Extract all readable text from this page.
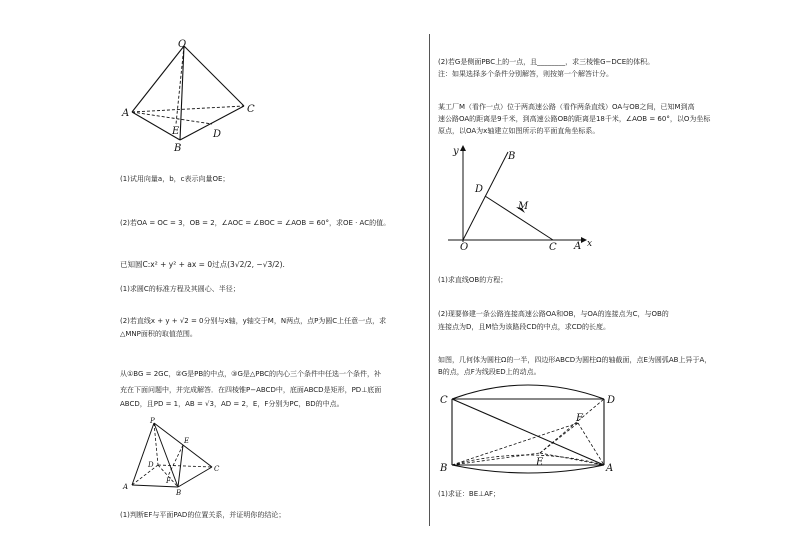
O
A	C
E	D
B
(1)试用向量a，b，c表示向量OE；
(2)若OA = OC = 3，OB = 2，∠AOC = ∠BOC = ∠AOB = 60°，求OE · AC的值。
已知圆C:x² + y² + ax = 0过点(3√2/2, −√3/2).
(1)求圆C的标准方程及其圆心、半径；
(2)若直线x + y + √2 = 0分别与x轴，y轴交于M，N两点，点P为圆C上任意一点，求
△MNP面积的取值范围。
从①BG = 2GC，②G是PB的中点，③G是△PBC的内心三个条件中任选一个条件，补
充在下面问题中，并完成解答．在四棱锥P−ABCD中，底面ABCD是矩形，PD⊥底面
ABCD，且PD = 1，AB = √3，AD = 2，E，F分别为PC，BD的中点。
P
E
D	C
A
F
B
(1)判断EF与平面PAD的位置关系，并证明你的结论；
(2)若G是侧面PBC上的一点，且________，求三棱锥G−DCE的体积。
注：如果选择多个条件分别解答，则按第一个解答计分。
某工厂M（看作一点）位于两高速公路（看作两条直线）OA与OB之间，已知M到高
速公路OA的距离是9千米，到高速公路OB的距离是18千米，∠AOB = 60°，以O为坐标
原点，以OA为x轴建立如图所示的平面直角坐标系。
y	B
D
M
O	C A x
(1)求直线OB的方程；
(2)现要修建一条公路连接高速公路OA和OB，与OA的连接点为C，与OB的
连接点为D，且M恰为该路段CD的中点，求CD的长度。
如图，几何体为圆柱Ω的一半，四边形ABCD为圆柱Ω的轴截面，点E为圆弧AB上异于A，
B的点，点F为线段ED上的动点。
C	D
F
E
B	A
(1)求证：BE⊥AF；
